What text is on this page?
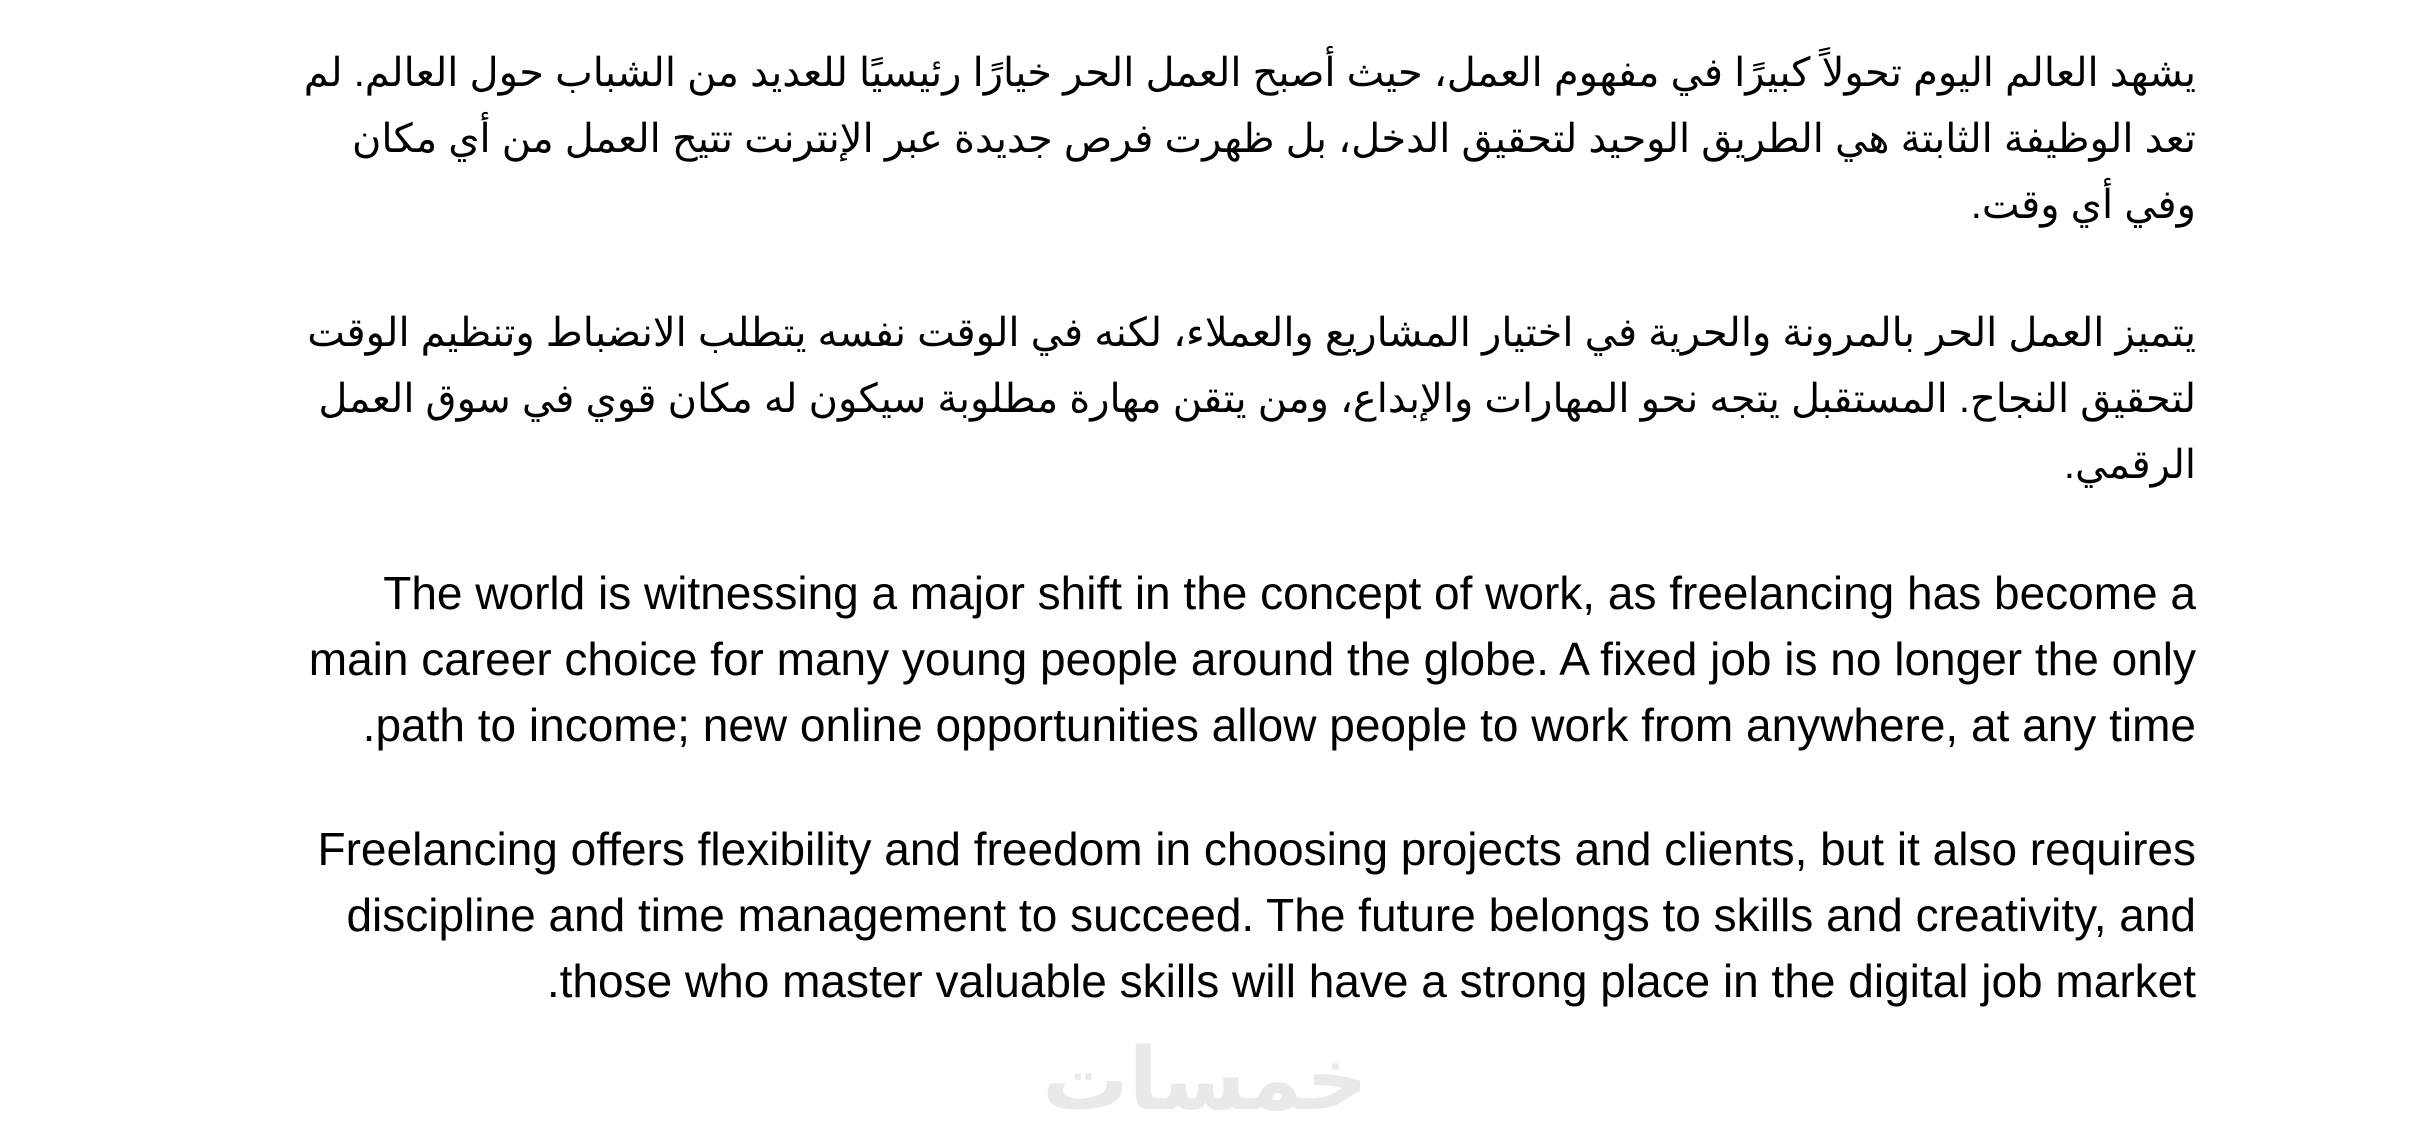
يشهد العالم اليوم تحولاً كبيرًا في مفهوم العمل، حيث أصبح العمل الحر خيارًا رئيسيًا للعديد من الشباب حول العالم. لم تعد الوظيفة الثابتة هي الطريق الوحيد لتحقيق الدخل، بل ظهرت فرص جديدة عبر الإنترنت تتيح العمل من أي مكان وفي أي وقت.

يتميز العمل الحر بالمرونة والحرية في اختيار المشاريع والعملاء، لكنه في الوقت نفسه يتطلب الانضباط وتنظيم الوقت لتحقيق النجاح. المستقبل يتجه نحو المهارات والإبداع، ومن يتقن مهارة مطلوبة سيكون له مكان قوي في سوق العمل الرقمي.

The world is witnessing a major shift in the concept of work, as freelancing has become a main career choice for many young people around the globe. A fixed job is no longer the only path to income; new online opportunities allow people to work from anywhere, at any time.

Freelancing offers flexibility and freedom in choosing projects and clients, but it also requires discipline and time management to succeed. The future belongs to skills and creativity, and those who master valuable skills will have a strong place in the digital job market.

خمسات
